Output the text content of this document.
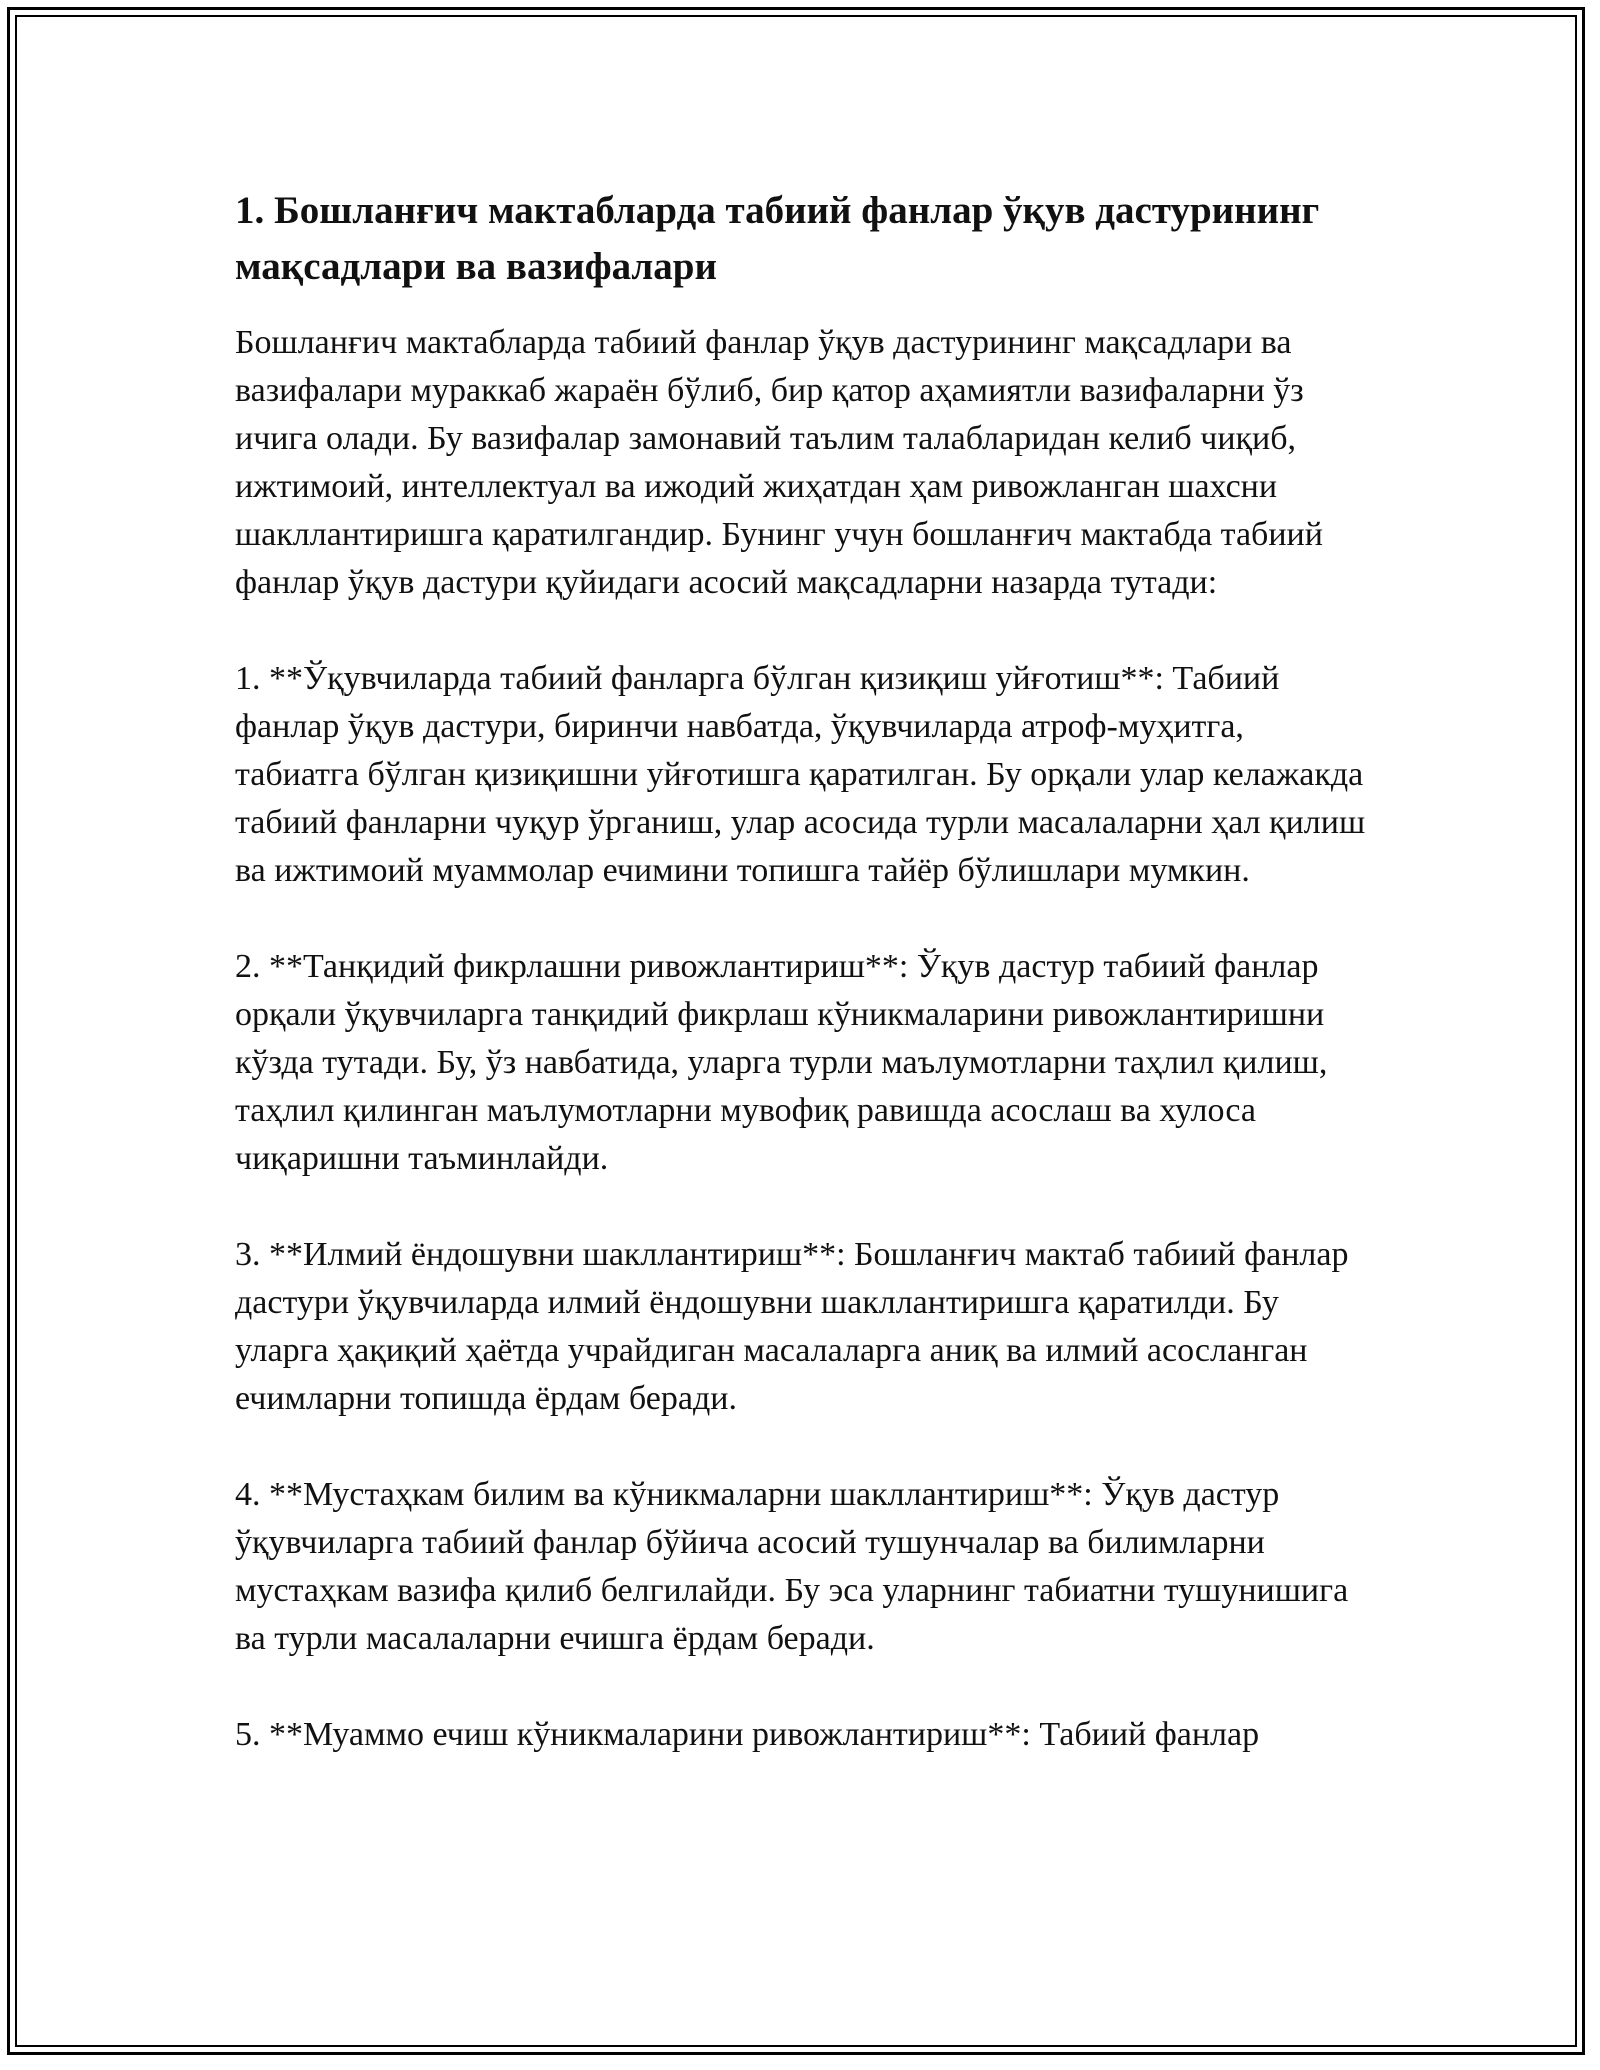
1. Бошланғич мактабларда табиий фанлар ўқув дастурининг мақсадлари ва вазифалари

Бошланғич мактабларда табиий фанлар ўқув дастурининг мақсадлари ва вазифалари мураккаб жараён бўлиб, бир қатор аҳамиятли вазифаларни ўз ичига олади. Бу вазифалар замонавий таълим талабларидан келиб чиқиб, ижтимоий, интеллектуал ва ижодий жиҳатдан ҳам ривожланган шахсни шакллантиришга қаратилгандир. Бунинг учун бошланғич мактабда табиий фанлар ўқув дастури қуйидаги асосий мақсадларни назарда тутади:

1. **Ўқувчиларда табиий фанларга бўлган қизиқиш уйғотиш**: Табиий фанлар ўқув дастури, биринчи навбатда, ўқувчиларда атроф-муҳитга, табиатга бўлган қизиқишни уйғотишга қаратилган. Бу орқали улар келажакда табиий фанларни чуқур ўрганиш, улар асосида турли масалаларни ҳал қилиш ва ижтимоий муаммолар ечимини топишга тайёр бўлишлари мумкин.

2. **Танқидий фикрлашни ривожлантириш**: Ўқув дастур табиий фанлар орқали ўқувчиларга танқидий фикрлаш кўникмаларини ривожлантиришни кўзда тутади. Бу, ўз навбатида, уларга турли маълумотларни таҳлил қилиш, таҳлил қилинган маълумотларни мувофиқ равишда асослаш ва хулоса чиқаришни таъминлайди.

3. **Илмий ёндошувни шакллантириш**: Бошланғич мактаб табиий фанлар дастури ўқувчиларда илмий ёндошувни шакллантиришга қаратилди. Бу уларга ҳақиқий ҳаётда учрайдиган масалаларга аниқ ва илмий асосланган ечимларни топишда ёрдам беради.

4. **Мустаҳкам билим ва кўникмаларни шакллантириш**: Ўқув дастур ўқувчиларга табиий фанлар бўйича асосий тушунчалар ва билимларни мустаҳкам вазифа қилиб белгилайди. Бу эса уларнинг табиатни тушунишига ва турли масалаларни ечишга ёрдам беради.

5. **Муаммо ечиш кўникмаларини ривожлантириш**: Табиий фанлар
